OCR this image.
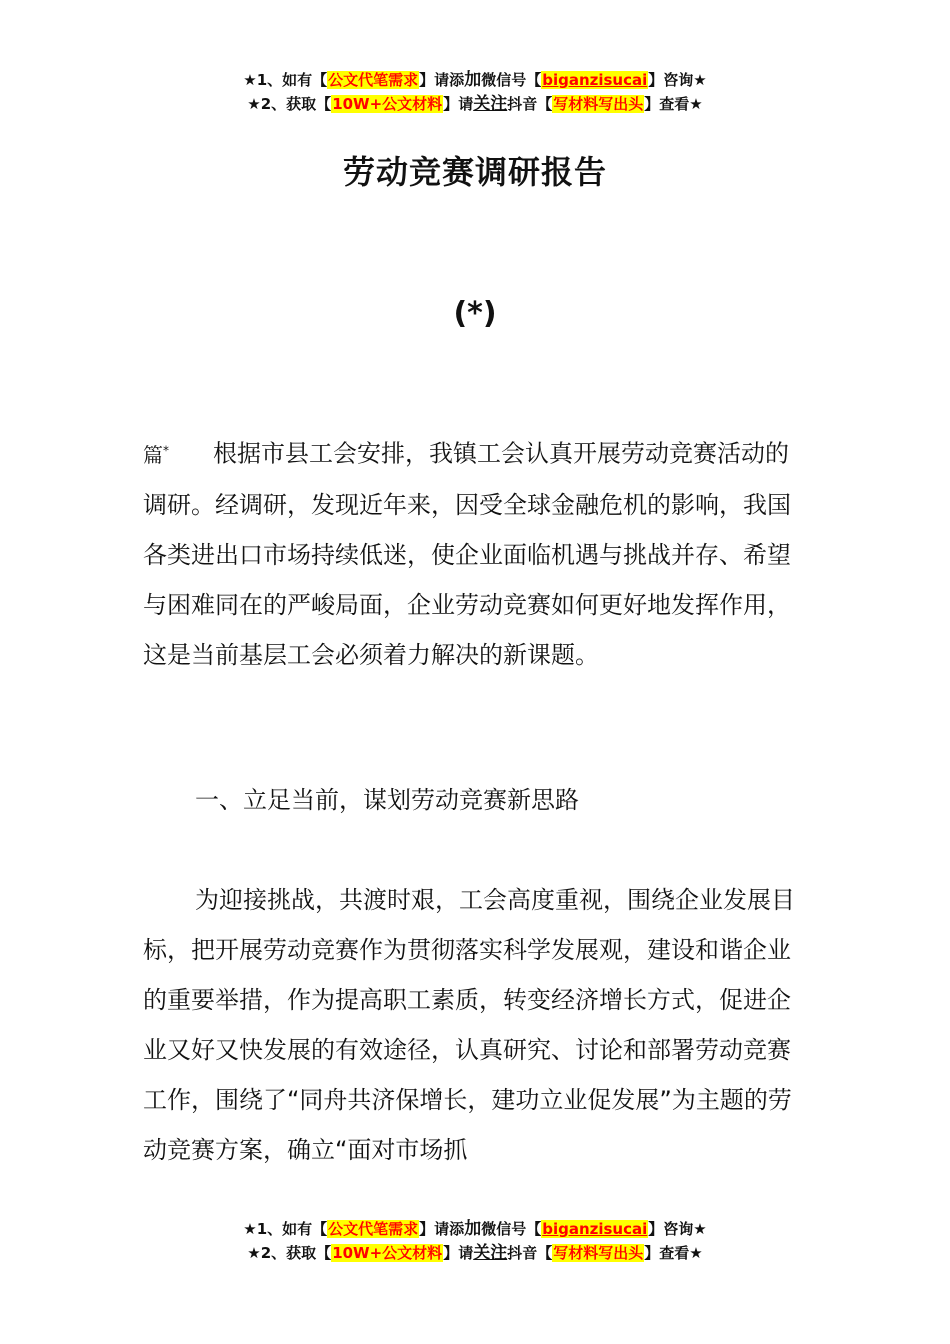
★1、如有【公文代笔需求】请添加微信号【biganzisucai】咨询★
★2、获取【10W+公文材料】请关注抖音【写材料写出头】查看★
劳动竞赛调研报告
(*)

篇* 根据市县工会安排，我镇工会认真开展劳动竞赛活动的调研。经调研，发现近年来，因受全球金融危机的影响，我国各类进出口市场持续低迷，使企业面临机遇与挑战并存、希望与困难同在的严峻局面，企业劳动竞赛如何更好地发挥作用，这是当前基层工会必须着力解决的新课题。

一、立足当前，谋划劳动竞赛新思路

为迎接挑战，共渡时艰，工会高度重视，围绕企业发展目标，把开展劳动竞赛作为贯彻落实科学发展观，建设和谐企业的重要举措，作为提高职工素质，转变经济增长方式，促进企业又好又快发展的有效途径，认真研究、讨论和部署劳动竞赛工作，围绕了“同舟共济保增长，建功立业促发展”为主题的劳动竞赛方案，确立“面对市场抓

★1、如有【公文代笔需求】请添加微信号【biganzisucai】咨询★
★2、获取【10W+公文材料】请关注抖音【写材料写出头】查看★
